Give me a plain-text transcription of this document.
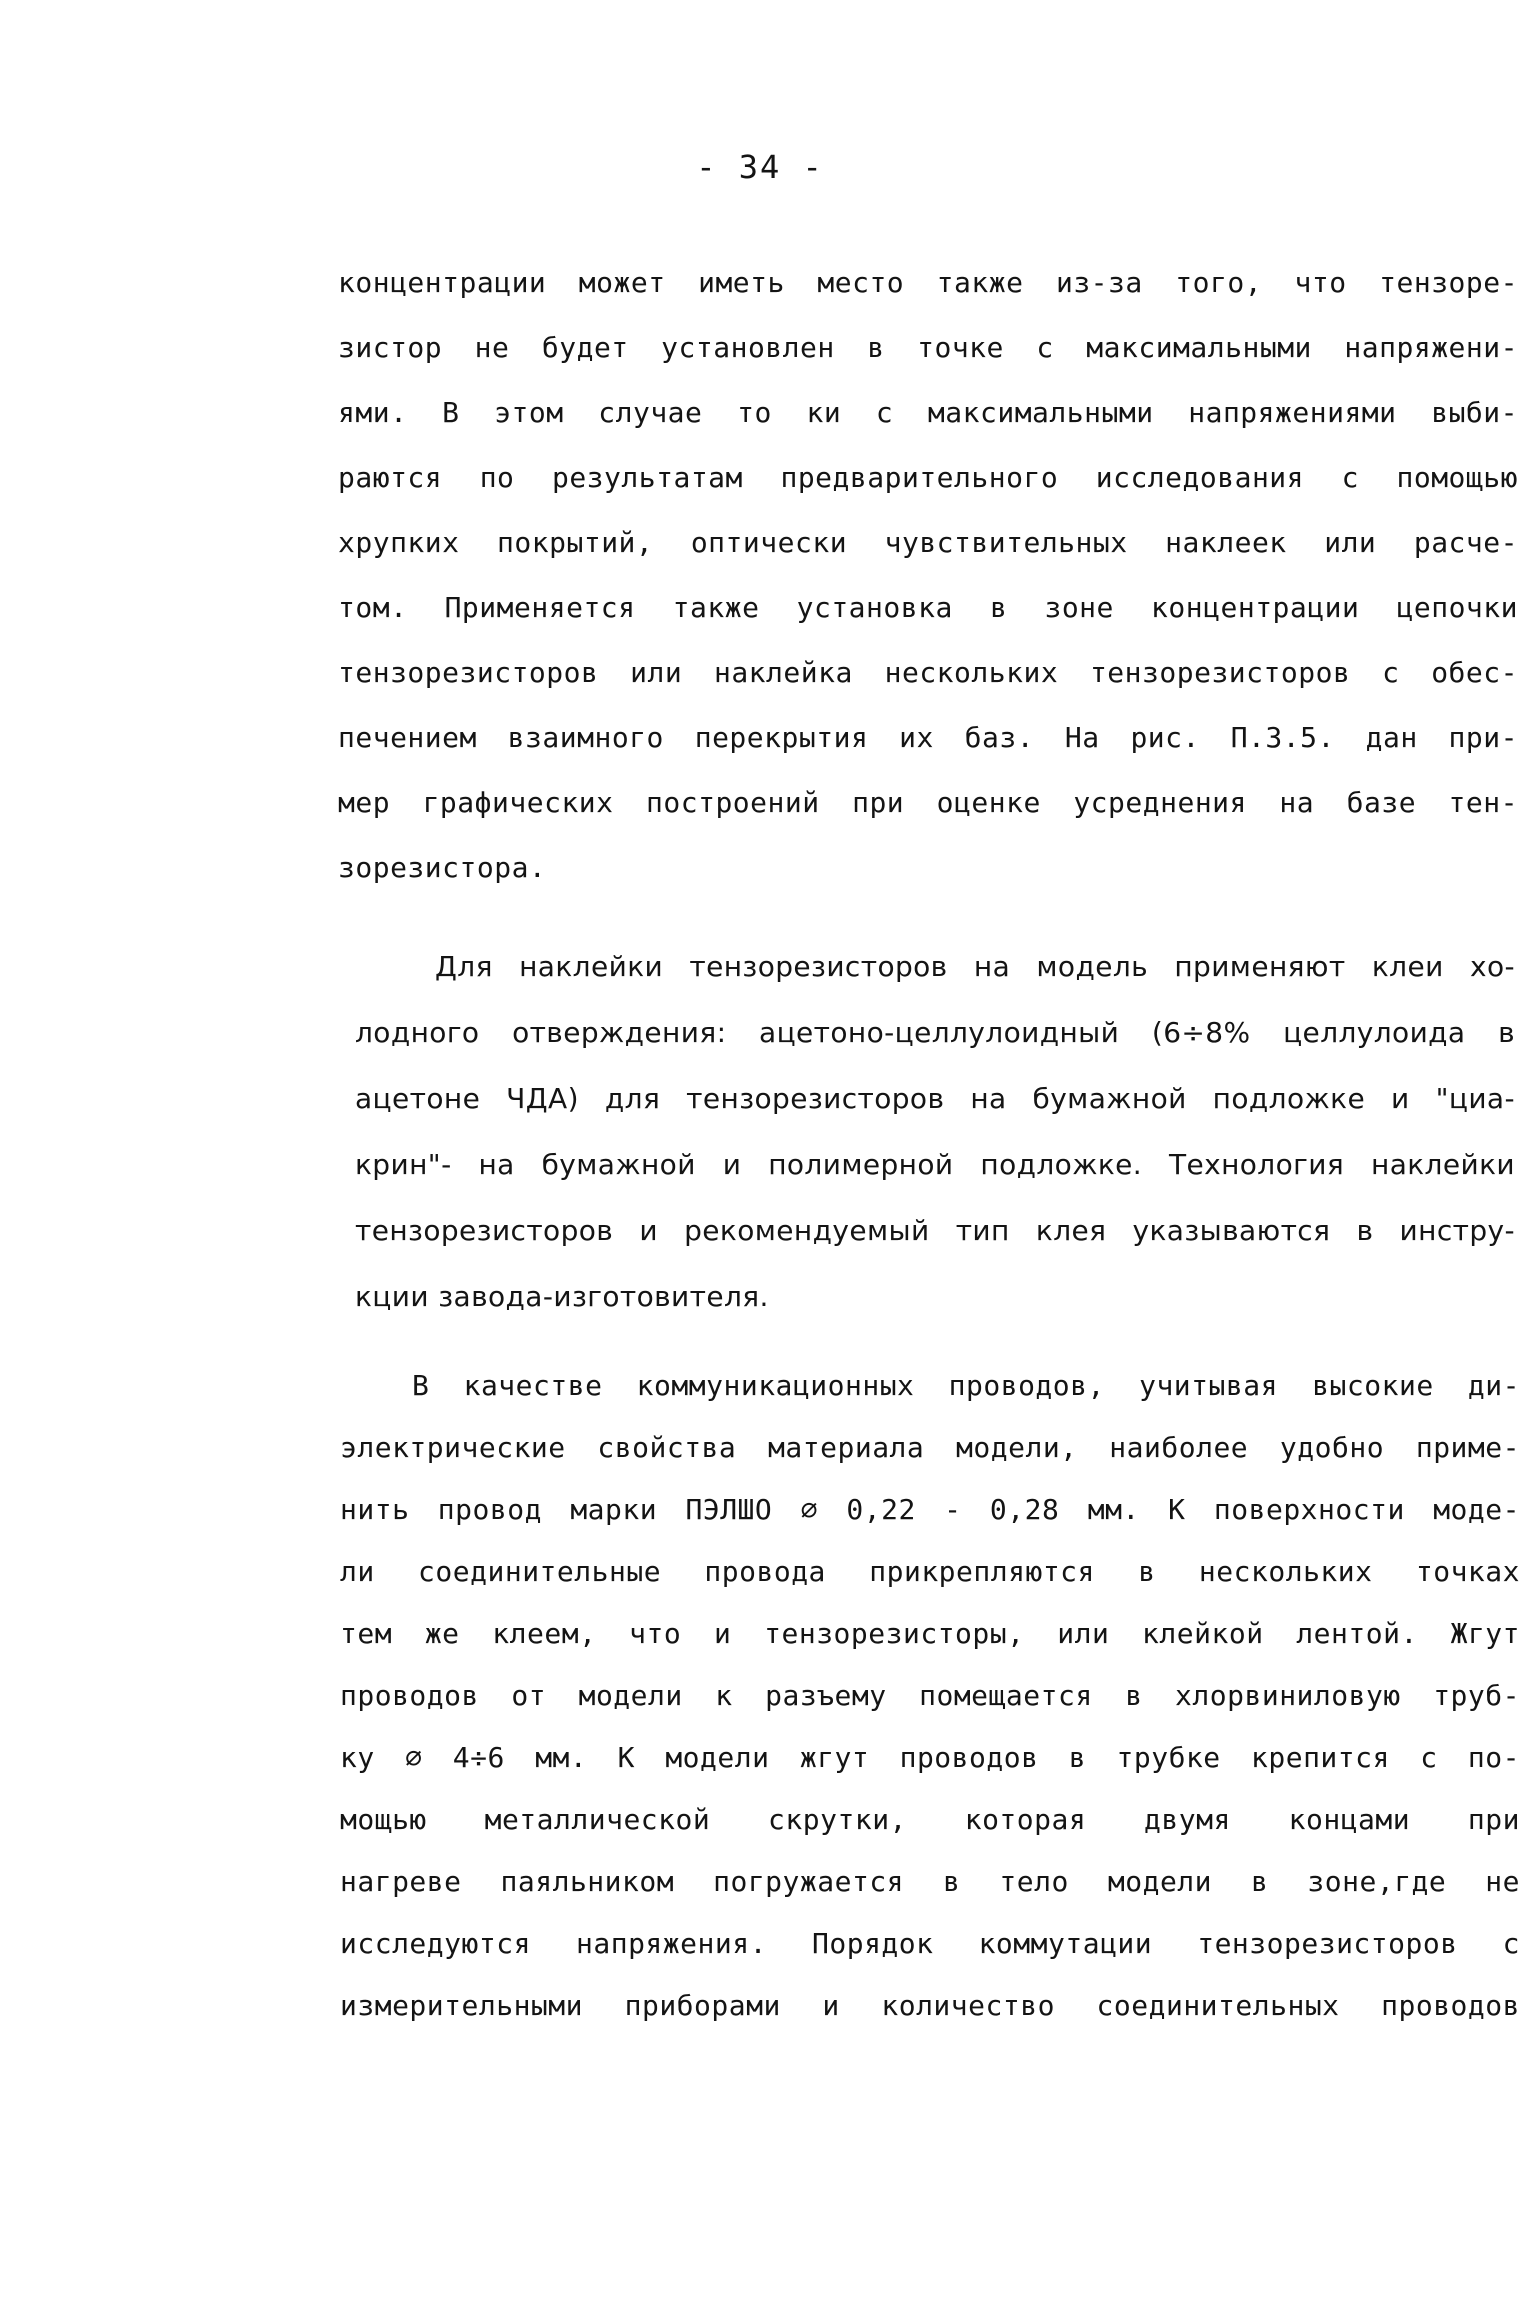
- 34 -
концентрации может иметь место также из-за того, что тензоре-
зистор не будет установлен в точке с максимальными напряжени-
ями. В этом случае то ки с максимальными напряжениями выби-
раются по результатам предварительного исследования с помощью
хрупких покрытий, оптически чувствительных наклеек или расче-
том. Применяется также установка в зоне концентрации цепочки
тензорезисторов или наклейка нескольких тензорезисторов с обес-
печением взаимного перекрытия их баз. На рис. П.3.5. дан при-
мер графических построений при оценке усреднения на базе тен-
зорезистора.
Для наклейки тензорезисторов на модель применяют клеи хо-
лодного отверждения: ацетоно-целлулоидный (6÷8% целлулоида в
ацетоне ЧДА) для тензорезисторов на бумажной подложке и "циа-
крин"- на бумажной и полимерной подложке. Технология наклейки
тензорезисторов и рекомендуемый тип клея указываются в инстру-
кции завода-изготовителя.
В качестве коммуникационных проводов, учитывая высокие ди-
электрические свойства материала модели, наиболее удобно приме-
нить провод марки ПЭЛШО ∅ 0,22 - 0,28 мм. К поверхности моде-
ли соединительные провода прикрепляются в нескольких точках
тем же клеем, что и тензорезисторы, или клейкой лентой. Жгут
проводов от модели к разъему помещается в хлорвиниловую труб-
ку ∅ 4÷6 мм. К модели жгут проводов в трубке крепится с по-
мощью металлической скрутки, которая двумя концами при
нагреве паяльником погружается в тело модели в зоне,где не
исследуются напряжения. Порядок коммутации тензорезисторов с
измерительными приборами и количество соединительных проводов
